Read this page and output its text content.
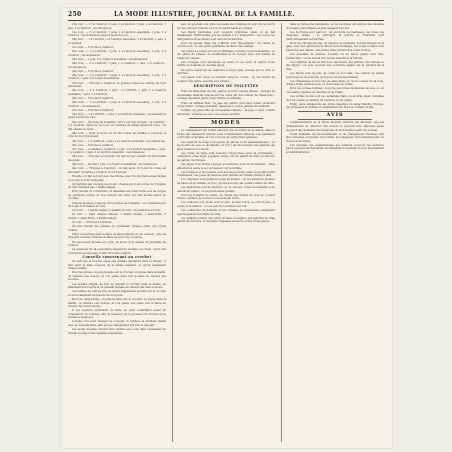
250	LA MODE ILLUSTRÉE, JOURNAL DE LA FAMILLE.

18e tour. — 17 à l'endroit, 1 jeté, 1 à l'endroit, 1 jeté, 2 à l'endroit, 1 jeté, 1 à l'endroit ; recommencez.

19e tour. — 3 à l'endroit, 1 jeté, 2 à l'endroit ensemble, 1 jeté, 1 à l'endroit ; recommencez jusqu'à la fin du tour.

20e tour. — 1 à l'endroit, 3 à l'endroit ensemble, 1 à l'endroit, 1 jeté, 2 à l'endroit.

21e tour. — Tricotez à l'endroit.

22e tour. — 1 à l'endroit, 1 jeté, 1 à l'endroit ensemble, 1 jeté, 2 à l'endroit ; recommencez.

23e tour. — 1 jeté, 2 à l'endroit ensemble ; recommencez.

24e tour. — 2 à l'endroit, 1 jeté, 1 à l'endroit, 1 jeté, 2 à l'endroit ; recommencez.

25e tour. — Tricotez à l'endroit.

26e tour. — 1 à l'endroit, 1 jeté, 2 à l'endroit ensemble, 1 jeté, 1 à l'endroit, 1 jeté, 2 à l'endroit ensemble.

27e tour. — Tricotez à l'endroit, et prenez toutes les mailles du tour précédent.

28e tour. — 2 à l'endroit, 1 jeté, 1 à l'endroit, 1 jeté, 2 à l'endroit ensemble, 1 jeté, 1 à l'endroit.

29e tour. — Tricotez à l'endroit.

30e tour. — 1 à l'endroit, 1 jeté, 3 à l'endroit ensemble, 1 jeté, 1 à l'endroit ; recommencez.

31e tour. — Tricotez à l'endroit.

32e tour. — 1 à l'endroit, 1 jeté, 2 à l'endroit ensemble ; recommencez jusqu'à la fin du tour.

33e tour. — En dessous 8 mailles, sur le 1er tour un jeté, 1 à l'endroit ; 1 à l'endroit. Après le 1er tour, on continue de même jusqu'à 8 tours ; on fait ensuite le bord.

34e tour. — Pour le bord, on tricote toutes les mailles à l'endroit, à côté du tour précédent.

35e tour. — 1 à l'endroit, 1 jeté, 2 à l'endroit ensemble ; recommencez.

36e tour. — Tricotez à l'endroit.

37e tour. — 2 mailles à l'endroit, 1 jeté, 3 à l'endroit ensemble, 1 jeté, 1 à l'endroit, 1 jeté, 3 à l'endroit ensemble ; recommencez.

38e tour. — Tricotez à l'endroit. On fait le tour suivant en intercalant des jetés.

39e tour. — On fait 1 jeté, 2 à l'endroit ensemble ; recommencez.

40e tour. — Tricotez à l'endroit ; on fait alors 10 tours de côtes, en alternant 2 mailles à l'endroit et 2 à l'envers.

Ensuite, on fait le bord avec des brides, que l'on doit faire assez lâches pour que le rond reste plat.

On termine par un rang de picots ; chaque picot est formé de 3 mailles en l'air, fermées par 1 maille simple.

Pour monter la couverture, on assemble les ronds entre eux au moyen de quelques points, et l'on remplit les vides par des étoiles faites au crochet.

Chaque étoile se compose de 6 pointes de 5 mailles ; on commence par un rond de 6 mailles en l'air.

1er tour. — 1 maille simple, 5 mailles en l'air ; recommencez 6 fois.

2e tour. — Dans chaque anneau, 1 maille simple, 1 demi-bride, 3 brides, 1 demi-bride, 1 maille simple.

3e tour. — Tricotez à l'endroit.

On fait ensuite les pointes en réunissant chaque étoile aux ronds voisins.

Cette couverture peut se faire en laine blanche ou de couleur ; elle est très-jolie en laine blanche doublée de soie rose ou bleue.

On peut aussi la faire en coton, et alors on la double de percaline de couleur.

La grandeur de la couverture dépend du nombre de ronds ; pour une couverture de berceau, il faut 30 ronds environ.

Conseils concernant au crochet

On sait que le crochet exige une grande régularité dans le travail ; il faut tenir la laine toujours de la même manière, et serrer également chaque maille.

Pour les brides, on jette la laine sur le crochet, on pique dans la maille, on ramène une boucle, et l'on passe deux fois la laine au travers des boucles.

Les mailles simples se font en piquant le crochet dans la maille, en ramenant une boucle et en passant la laine au travers des deux boucles.

Les mailles en l'air se font en jetant simplement la laine sur le crochet et en la ramenant au travers de la boucle.

Pour les demi-brides, on jette la laine sur le crochet, on pique dans la maille, on ramène une boucle, et l'on passe une seule fois la laine au travers des trois boucles.

Il est toujours préférable de faire un petit échantillon avant de commencer un ouvrage, afin de s'assurer de la grosseur du crochet et de la laine à employer.

Lorsque l'on veut changer de couleur, on termine la dernière maille avec la nouvelle laine, afin que le changement soit net et régulier.

Les bouts de laine doivent être rentrés avec soin dans l'épaisseur du travail, à l'aide d'une aiguille à tapisserie.

leur, et ajoutent une grâce nouvelle aux toilettes du soir. On les porte sur les cheveux relevés, et l'on en garnit aussi le corsage.

Les fleurs naturelles sont toujours préférées, mais on en fait maintenant d'artificielles qui les imitent à s'y méprendre ; les roses, les marguerites et les bluets sont surtout recherchés.

Pour les jeunes filles, les coiffures sont très-simples : un ruban de velours noir, ou une petite guirlande de fleurs des champs.

Les robes de soirée se font en tarlatane, en tulle ou en mousseline ; on les garnit de plissés, de bouillonnés et de ruches, avec des nœuds de ruban de couleur.

Les corsages sont décolletés en carré ou en cœur, et garnis d'une berthe de dentelle ou de tulle plissé.

On porte beaucoup de ceintures à longs pans, nouées sur le côté ou derrière.

Les gants sont longs et montent jusqu'au coude ; on les choisit de couleur très-claire, assortie à la toilette.

DESCRIPTION DE TOILETTES

Robe de faille bleu de ciel, garnie de trois volants plissés ; tunique de mousseline blanche relevée sur les côtés par des nœuds de ruban bleu ; corsage décolleté garni d'une berthe de dentelle.

Robe de taffetas lilas ; la jupe est garnie d'un haut volant surmonté d'une ruche ; corsage montant, manches à coudes garnies de dentelle.

Toilette de jeune fille en mousseline blanche ; la jupe a deux volants festonnés ; écharpe de soie rose nouée derrière.

MODES

Le changement qui s'était annoncé dès le début de la saison, dans la forme des vêtements d'hiver, s'est complètement effectué. Les manteaux sont longs et amples, et l'on voit peu de confections ajustées.

Les paletots de drap sont garnis de galons et de passementeries ; on les double de soie ou de flanelle, et l'on y ajoute souvent une pèlerine qui peut s'enlever à volonté.

Les robes de laine sont toujours très-portées pour la promenade : cachemire, drap léger, popeline, serge. On les garnit de biais de velours, de galons, de franges.

Les jupes sont moins longues qu'autrefois pour la promenade ; elles effleurent à peine le sol et laissent voir la bottine.

Les tuniques et les paniers sont encore de mode, mais on les fait moins volumineux ; les jupes de dessous sont garnies de volants plissés à plat.

Les chapeaux sont petits et posés en arrière ; on les garnit de plumes, de fleurs et de rubans, et l'on y ajoute souvent une petite voilette de tulle.

Les manchons sont de fourrure ou de velours, ornés de dentelle et de nœuds de ruban ; on les porte assez grands.

Pour les toilettes de visite, on choisit des étoffes de soie de couleur foncée, garnies de velours ou de dentelle noire.

Les couleurs à la mode sont le gris, le bleu foncé, le vert bronze, le prune et le marron ; on les associe volontiers au noir.

Les collerettes de dentelle et les cravates de mousseline complètent gracieusement la toilette de ville.

Les enfants portent des robes de laine écossaise, des paletots de drap garnis de fourrure, et de petits chapeaux de feutre ornés d'une plume.

dans la forme des vêtements, et les modistes ont adopté des modèles nouveaux, plus simples et plus élégants à la fois.

Les fourrures sont partout : on en borde les manteaux, les robes, les chapeaux même ; le petit-gris, la martre et l'hermine sont particulièrement recherchés.

Pour les toilettes de bal, on emploie la tarlatane, le tulle illusion et la gaze, avec des garnitures de fleurs et de feuillage. Les robes à traîne sont réservées aux dames ; les jeunes filles portent des robes rondes.

Les éventails de plumes, d'écaille ou de nacre peinte sont très-recherchés ; on les choisit de couleur assortie à la toilette.

Les coiffures de bal se font avec des fleurs, des plumes, des rubans ou des bijoux ; on pose souvent une couronne légère sur le sommet de la tête.

Les bijoux sont de jais, de corail ou d'or mat ; les colliers de perles sont toujours de très-bon goût pour les jeunes femmes.

Les chaussures de bal sont en satin blanc ou de la couleur de la robe, ornées d'une petite boucle ou d'un nœud de ruban.

Pour les soirées intimes, on porte des robes montantes en soie ou en cachemire, garnies de dentelle et de ruban.

Les sorties de bal sont en cachemire blanc ou en drap léger, doublées de soie ouatée et garnies de fourrure ou de cygne.

Enfin, nous signalerons les jolies capelines de laine blanche tricotée, qui protègent la coiffure et garantissent du froid en sortant du bal.

AVIS

L'administration de la Mode illustrée informe ses abonnés, que les changements de direction des envois ne peuvent être effectués qu'au moyen d'une demande accompagnée de la dernière bande du journal.

Toute demande de renouvellement ou de changement d'adresse doit être adressée au bureau du journal, accompagnée d'un mandat-poste ou d'un bon sur Paris.

Les abonnés des départements qui désirent recevoir les numéros parus peuvent les demander en adressant le montant de leur abonnement à l'administration.
